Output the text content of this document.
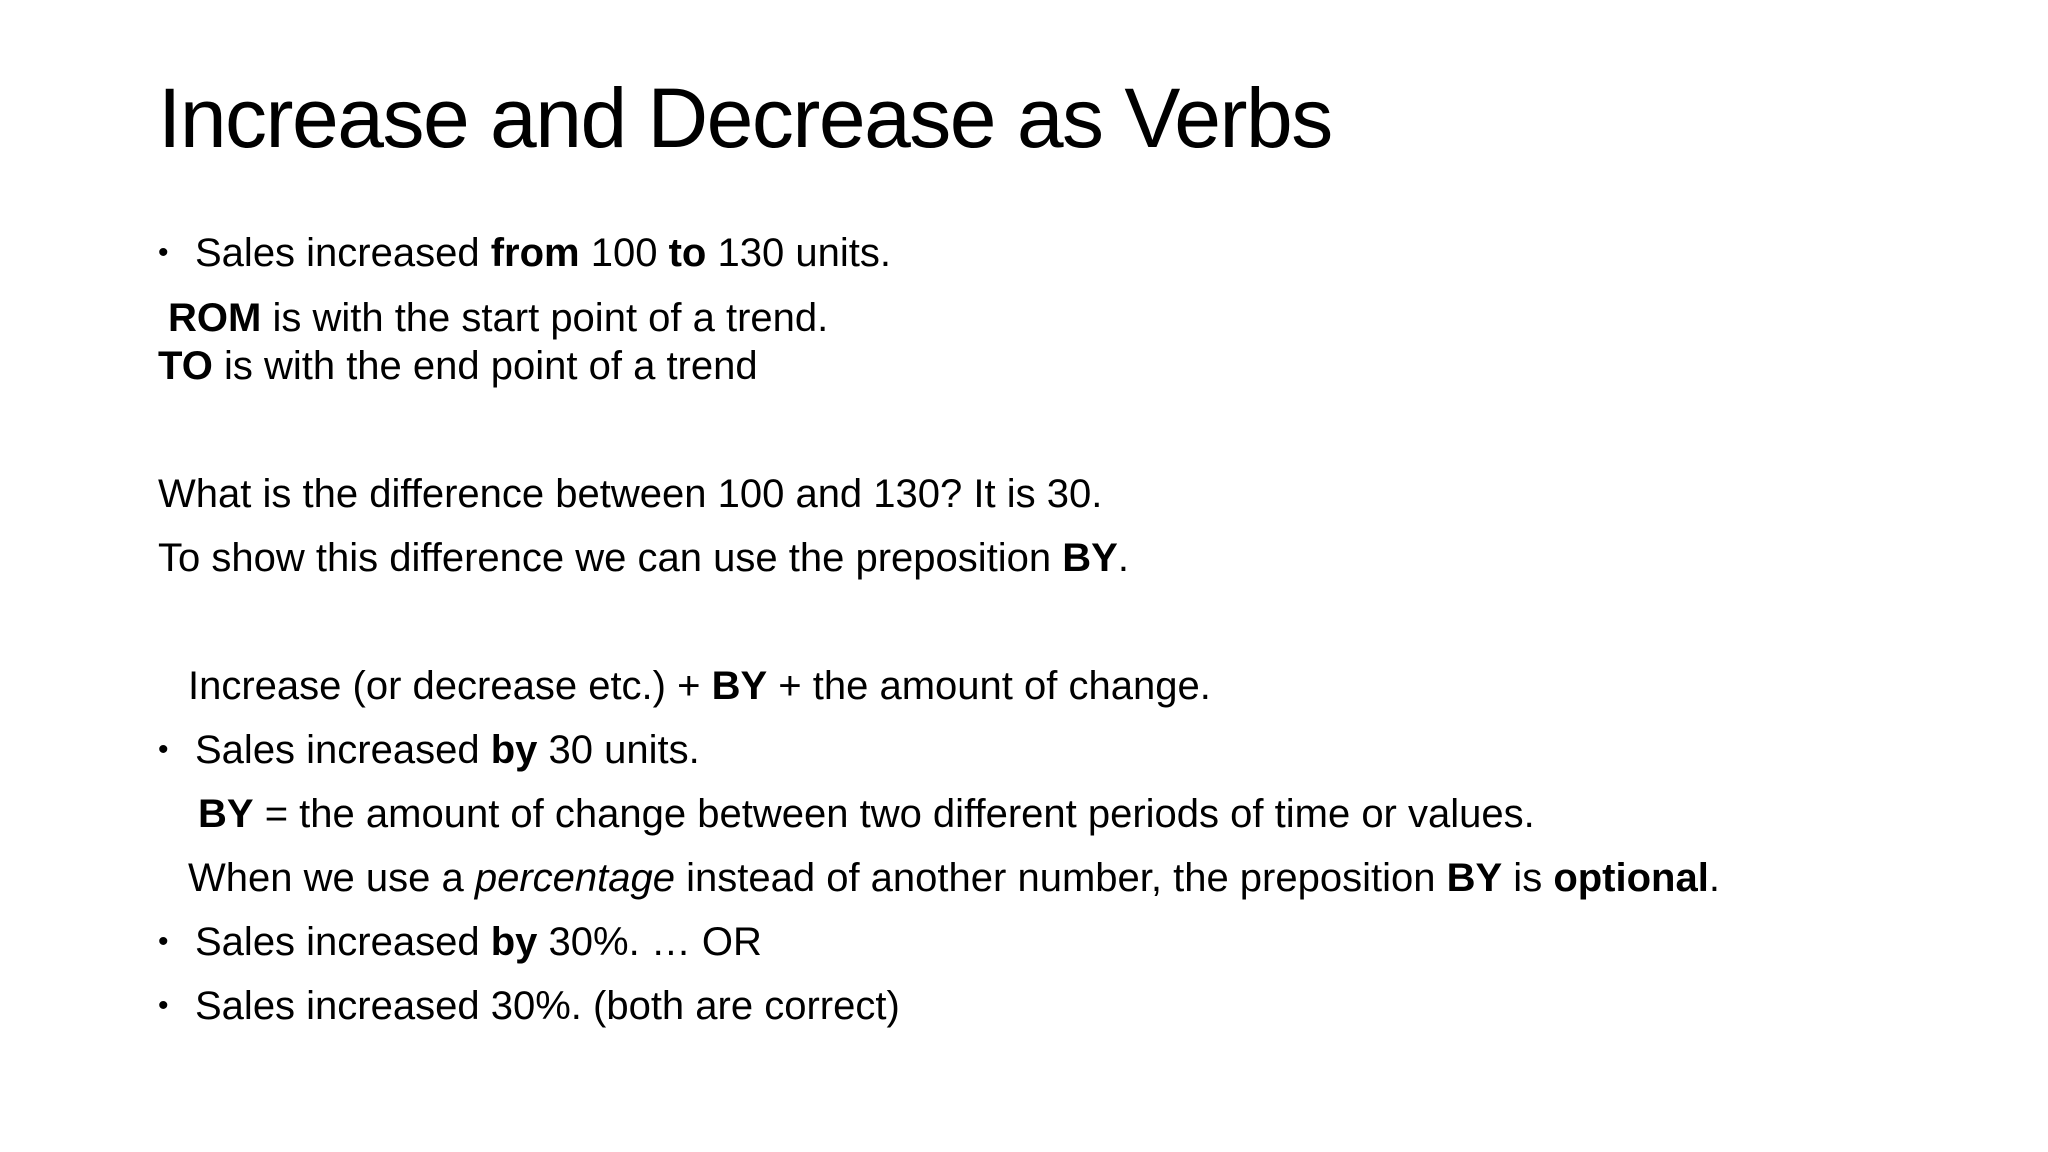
Increase and Decrease as Verbs
• Sales increased from 100 to 130 units.
ROM is with the start point of a trend.
TO is with the end point of a trend
What is the difference between 100 and 130? It is 30.
To show this difference we can use the preposition BY.
Increase (or decrease etc.) + BY + the amount of change.
• Sales increased by 30 units.
BY = the amount of change between two different periods of time or values.
When we use a percentage instead of another number, the preposition BY is optional.
• Sales increased by 30%. … OR
• Sales increased 30%. (both are correct)
